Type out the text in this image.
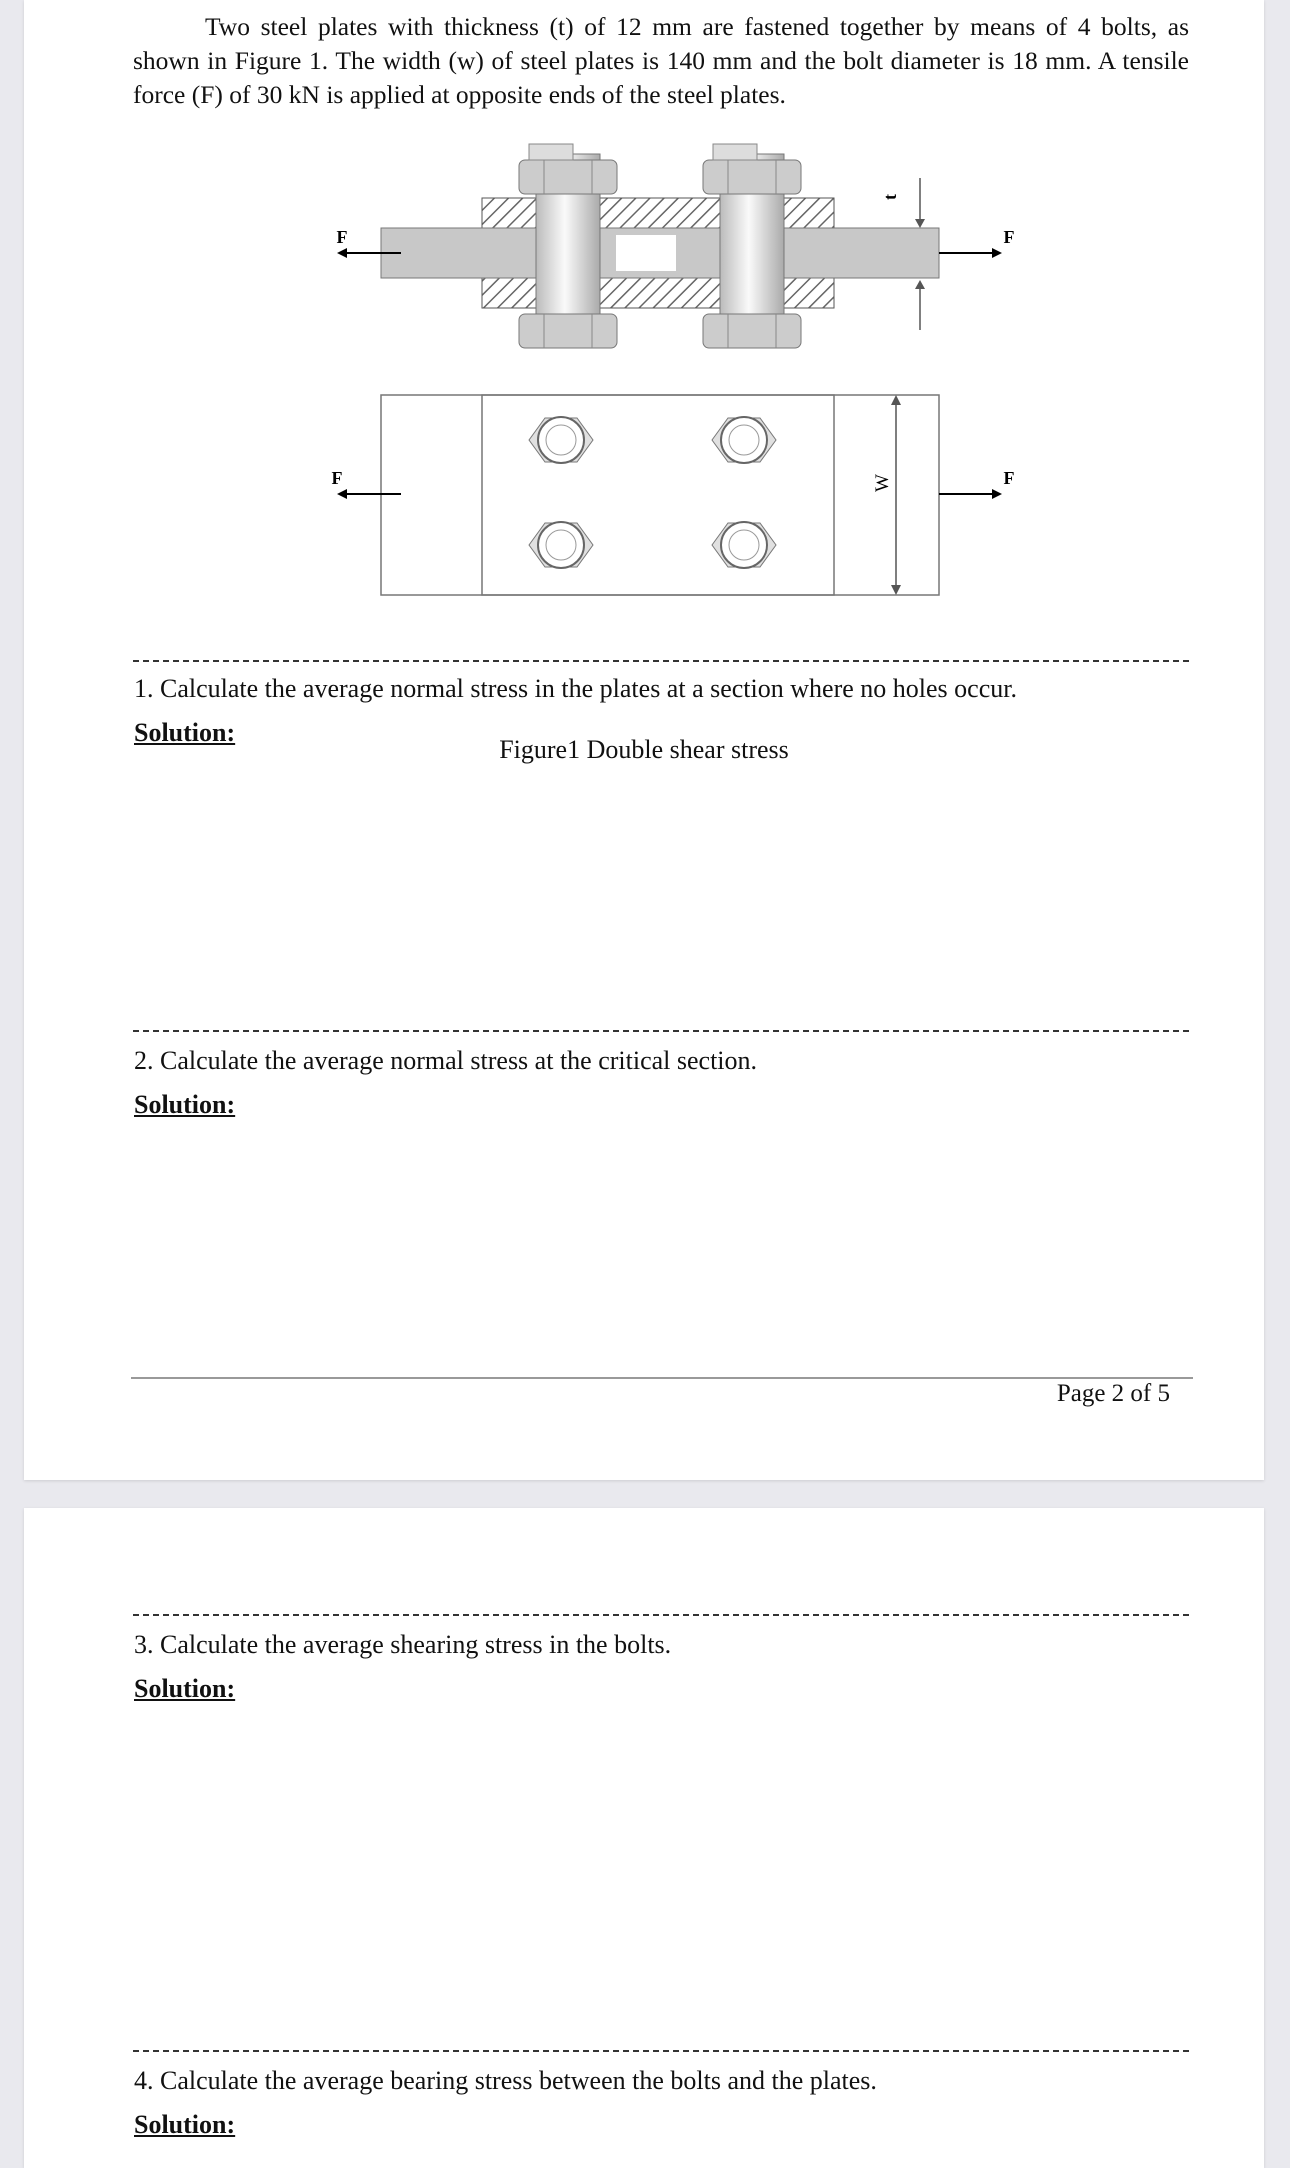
Two steel plates with thickness (t) of 12 mm are fastened together by means of 4 bolts, as shown in Figure 1. The width (w) of steel plates is 140 mm and the bolt diameter is 18 mm. A tensile force (F) of 30 kN is applied at opposite ends of the steel plates.
F	F
t
F	F
W
Figure1 Double shear stress
1. Calculate the average normal stress in the plates at a section where no holes occur.
Solution:
2. Calculate the average normal stress at the critical section.
Solution:
Page 2 of 5
3. Calculate the average shearing stress in the bolts.
Solution:
4. Calculate the average bearing stress between the bolts and the plates.
Solution:
